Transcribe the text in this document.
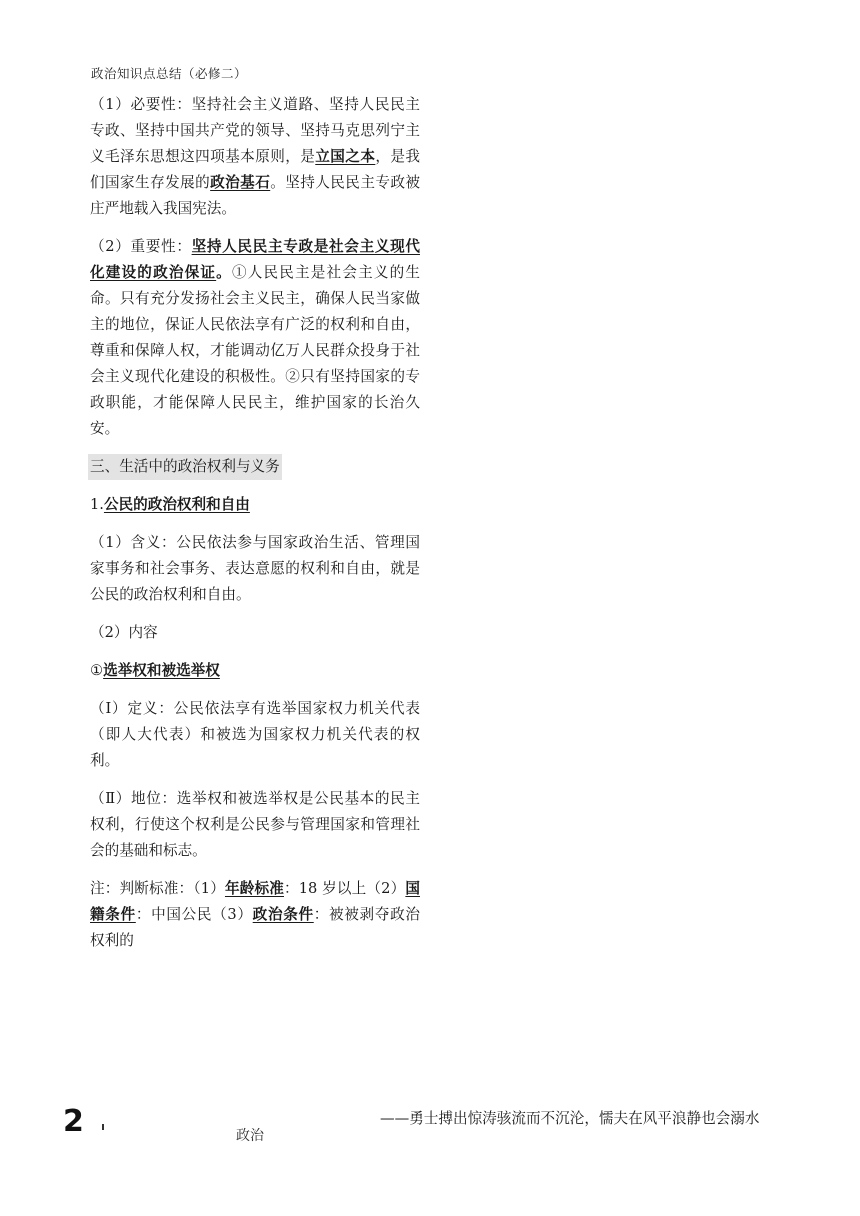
政治知识点总结（必修二）

（1）必要性：坚持社会主义道路、坚持人民民主专政、坚持中国共产党的领导、坚持马克思列宁主义毛泽东思想这四项基本原则，是立国之本，是我们国家生存发展的政治基石。坚持人民民主专政被庄严地载入我国宪法。

（2）重要性：坚持人民民主专政是社会主义现代化建设的政治保证。①人民民主是社会主义的生命。只有充分发扬社会主义民主，确保人民当家做主的地位，保证人民依法享有广泛的权利和自由，尊重和保障人权，才能调动亿万人民群众投身于社会主义现代化建设的积极性。②只有坚持国家的专政职能，才能保障人民民主，维护国家的长治久安。

三、生活中的政治权利与义务

1.公民的政治权利和自由

（1）含义：公民依法参与国家政治生活、管理国家事务和社会事务、表达意愿的权利和自由，就是公民的政治权利和自由。

（2）内容

①选举权和被选举权

（Ⅰ）定义：公民依法享有选举国家权力机关代表（即人大代表）和被选为国家权力机关代表的权利。

（Ⅱ）地位：选举权和被选举权是公民基本的民主权利，行使这个权利是公民参与管理国家和管理社会的基础和标志。

注：判断标准：（1）年龄标准：18 岁以上（2）国籍条件：中国公民（3）政治条件：被被剥夺政治权利的

2	政治
——勇士搏出惊涛骇流而不沉沦，懦夫在风平浪静也会溺水
